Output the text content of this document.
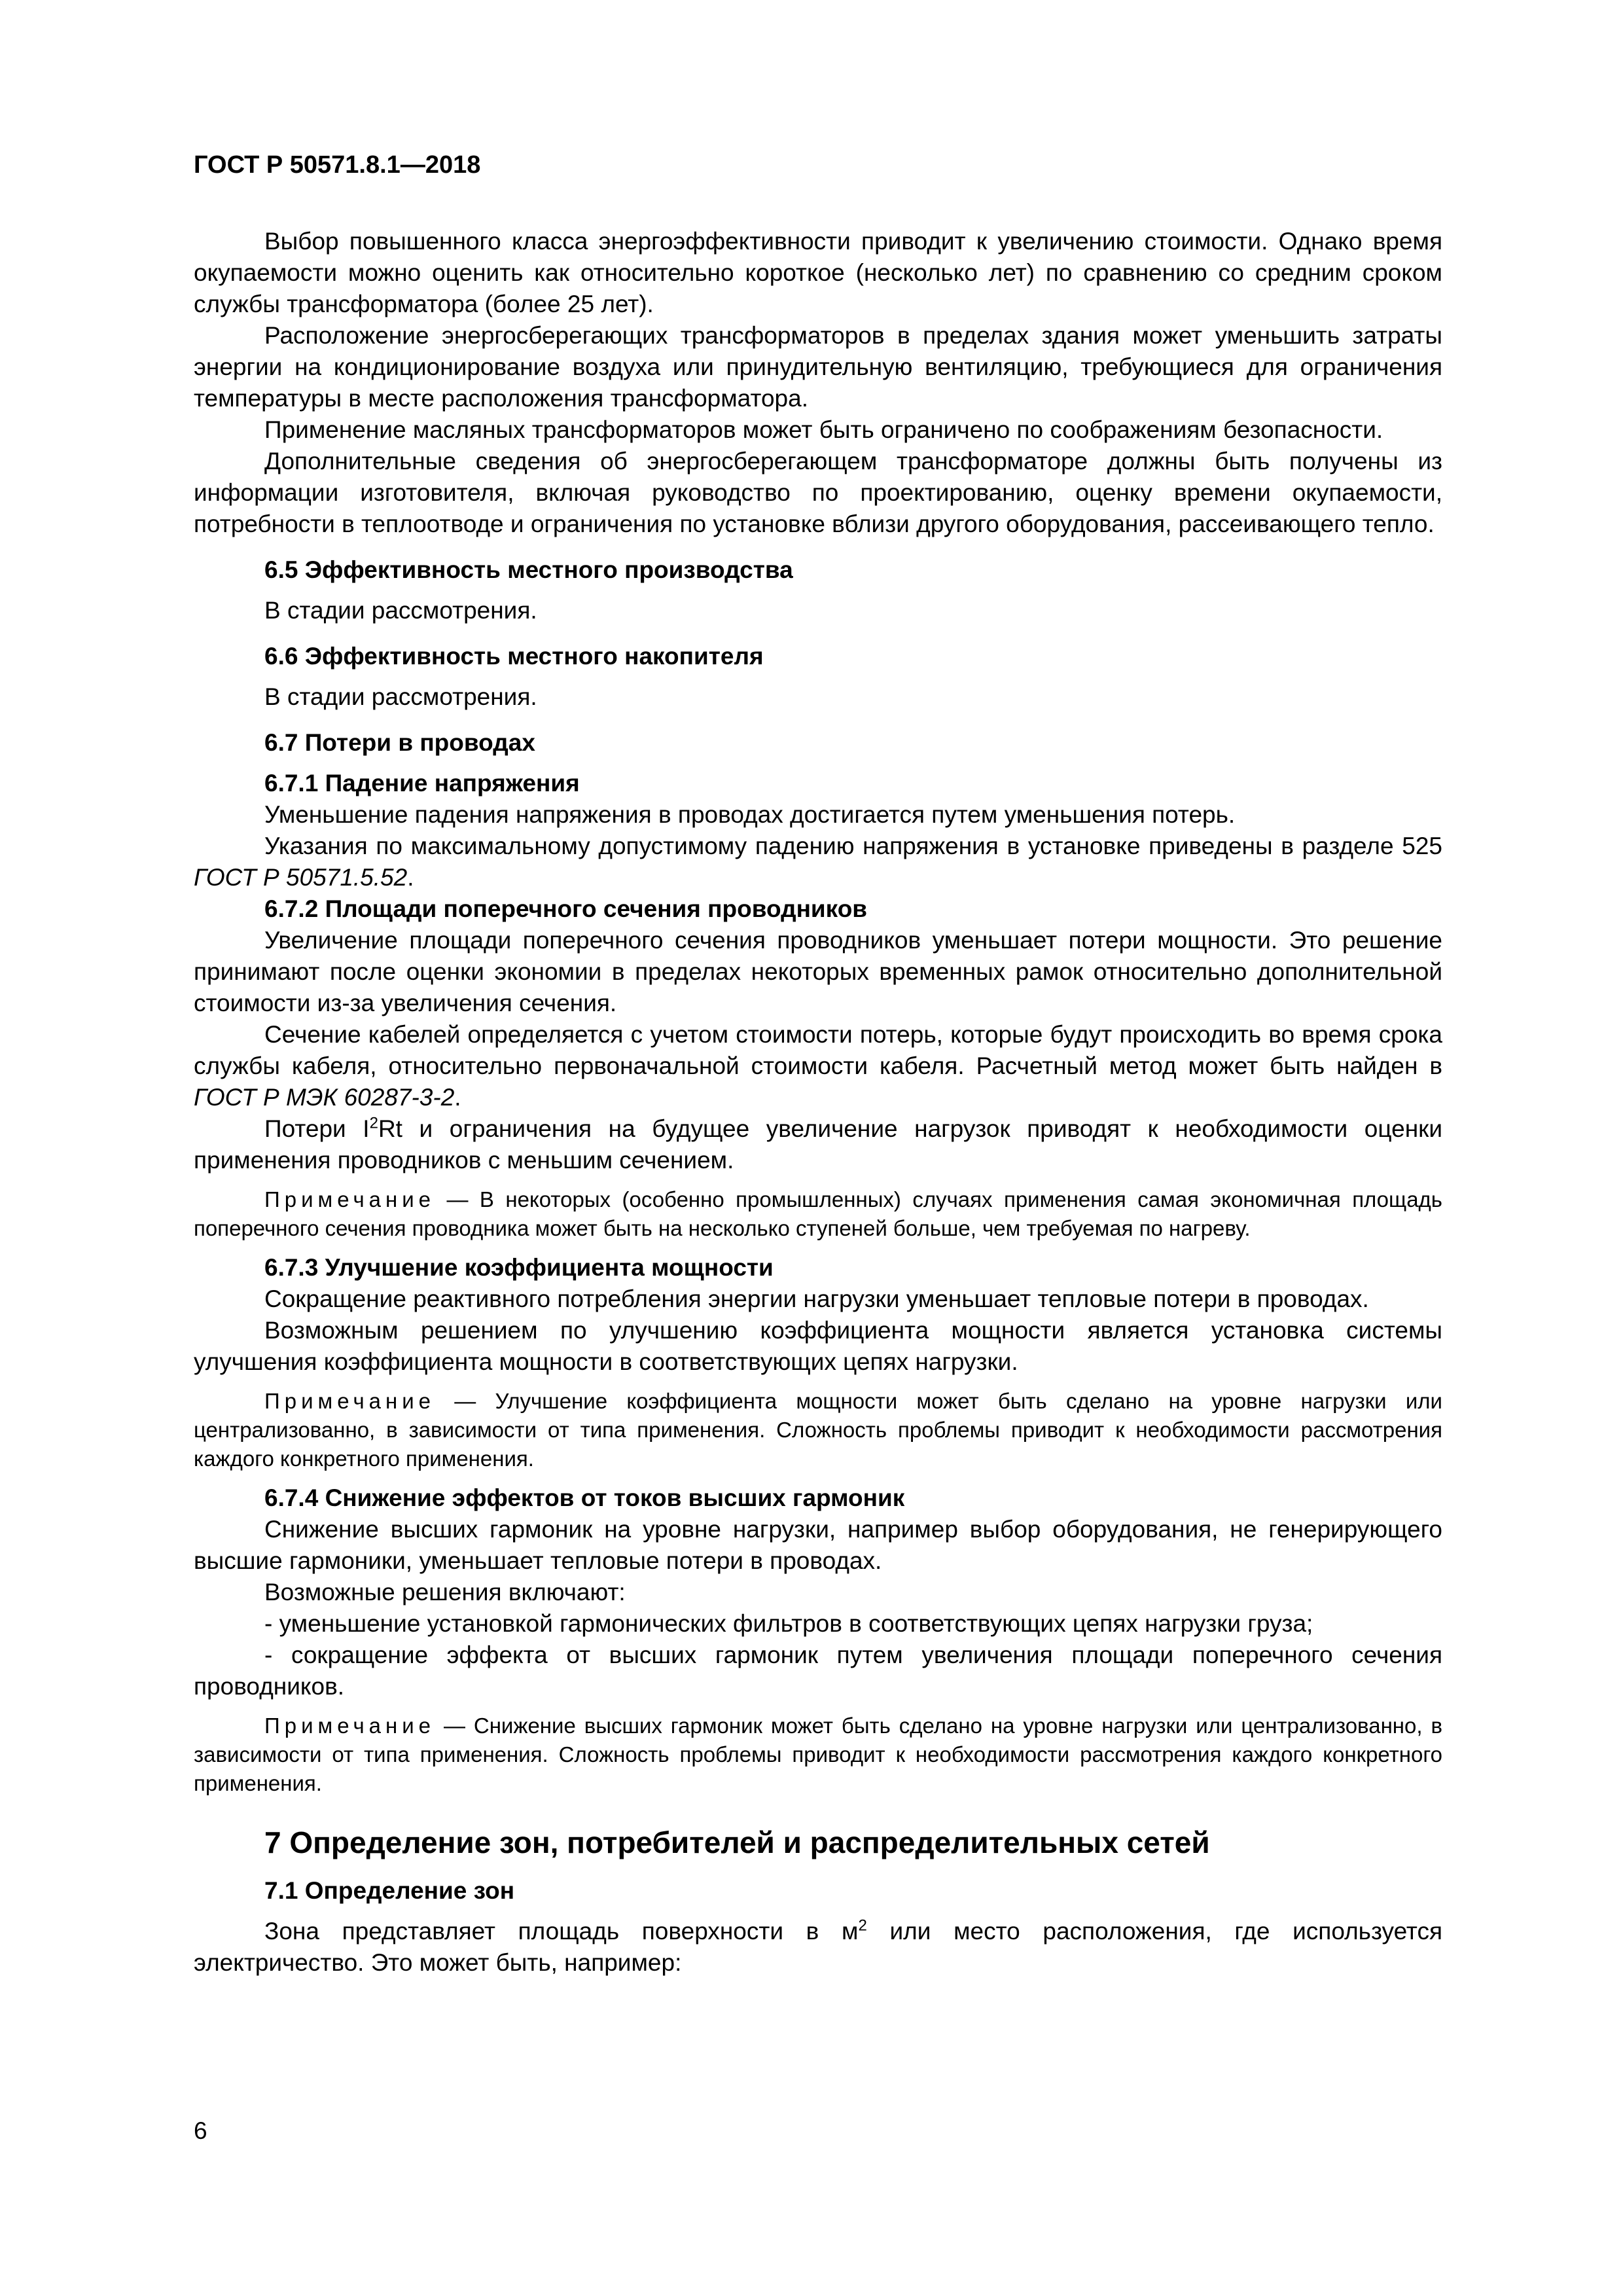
ГОСТ Р 50571.8.1—2018

Выбор повышенного класса энергоэффективности приводит к увеличению стоимости. Однако время окупаемости можно оценить как относительно короткое (несколько лет) по сравнению со средним сроком службы трансформатора (более 25 лет).

Расположение энергосберегающих трансформаторов в пределах здания может уменьшить затраты энергии на кондиционирование воздуха или принудительную вентиляцию, требующиеся для ограничения температуры в месте расположения трансформатора.

Применение масляных трансформаторов может быть ограничено по соображениям безопасности.

Дополнительные сведения об энергосберегающем трансформаторе должны быть получены из информации изготовителя, включая руководство по проектированию, оценку времени окупаемости, потребности в теплоотводе и ограничения по установке вблизи другого оборудования, рассеивающего тепло.

6.5 Эффективность местного производства

В стадии рассмотрения.

6.6 Эффективность местного накопителя

В стадии рассмотрения.

6.7 Потери в проводах
6.7.1 Падение напряжения

Уменьшение падения напряжения в проводах достигается путем уменьшения потерь.

Указания по максимальному допустимому падению напряжения в установке приведены в разделе 525 ГОСТ Р 50571.5.52.

6.7.2 Площади поперечного сечения проводников

Увеличение площади поперечного сечения проводников уменьшает потери мощности. Это решение принимают после оценки экономии в пределах некоторых временных рамок относительно дополнительной стоимости из-за увеличения сечения.

Сечение кабелей определяется с учетом стоимости потерь, которые будут происходить во время срока службы кабеля, относительно первоначальной стоимости кабеля. Расчетный метод может быть найден в ГОСТ Р МЭК 60287-3-2.

Потери $I^2Rt$ и ограничения на будущее увеличение нагрузок приводят к необходимости оценки применения проводников с меньшим сечением.

Примечание — В некоторых (особенно промышленных) случаях применения самая экономичная площадь поперечного сечения проводника может быть на несколько ступеней больше, чем требуемая по нагреву.

6.7.3 Улучшение коэффициента мощности

Сокращение реактивного потребления энергии нагрузки уменьшает тепловые потери в проводах.

Возможным решением по улучшению коэффициента мощности является установка системы улучшения коэффициента мощности в соответствующих цепях нагрузки.

Примечание — Улучшение коэффициента мощности может быть сделано на уровне нагрузки или централизованно, в зависимости от типа применения. Сложность проблемы приводит к необходимости рассмотрения каждого конкретного применения.

6.7.4 Снижение эффектов от токов высших гармоник

Снижение высших гармоник на уровне нагрузки, например выбор оборудования, не генерирующего высшие гармоники, уменьшает тепловые потери в проводах.

Возможные решения включают:

- уменьшение установкой гармонических фильтров в соответствующих цепях нагрузки груза;

- сокращение эффекта от высших гармоник путем увеличения площади поперечного сечения проводников.

Примечание — Снижение высших гармоник может быть сделано на уровне нагрузки или централизованно, в зависимости от типа применения. Сложность проблемы приводит к необходимости рассмотрения каждого конкретного применения.

7 Определение зон, потребителей и распределительных сетей
7.1 Определение зон

Зона представляет площадь поверхности в $м^2$ или место расположения, где используется электричество. Это может быть, например:

6
